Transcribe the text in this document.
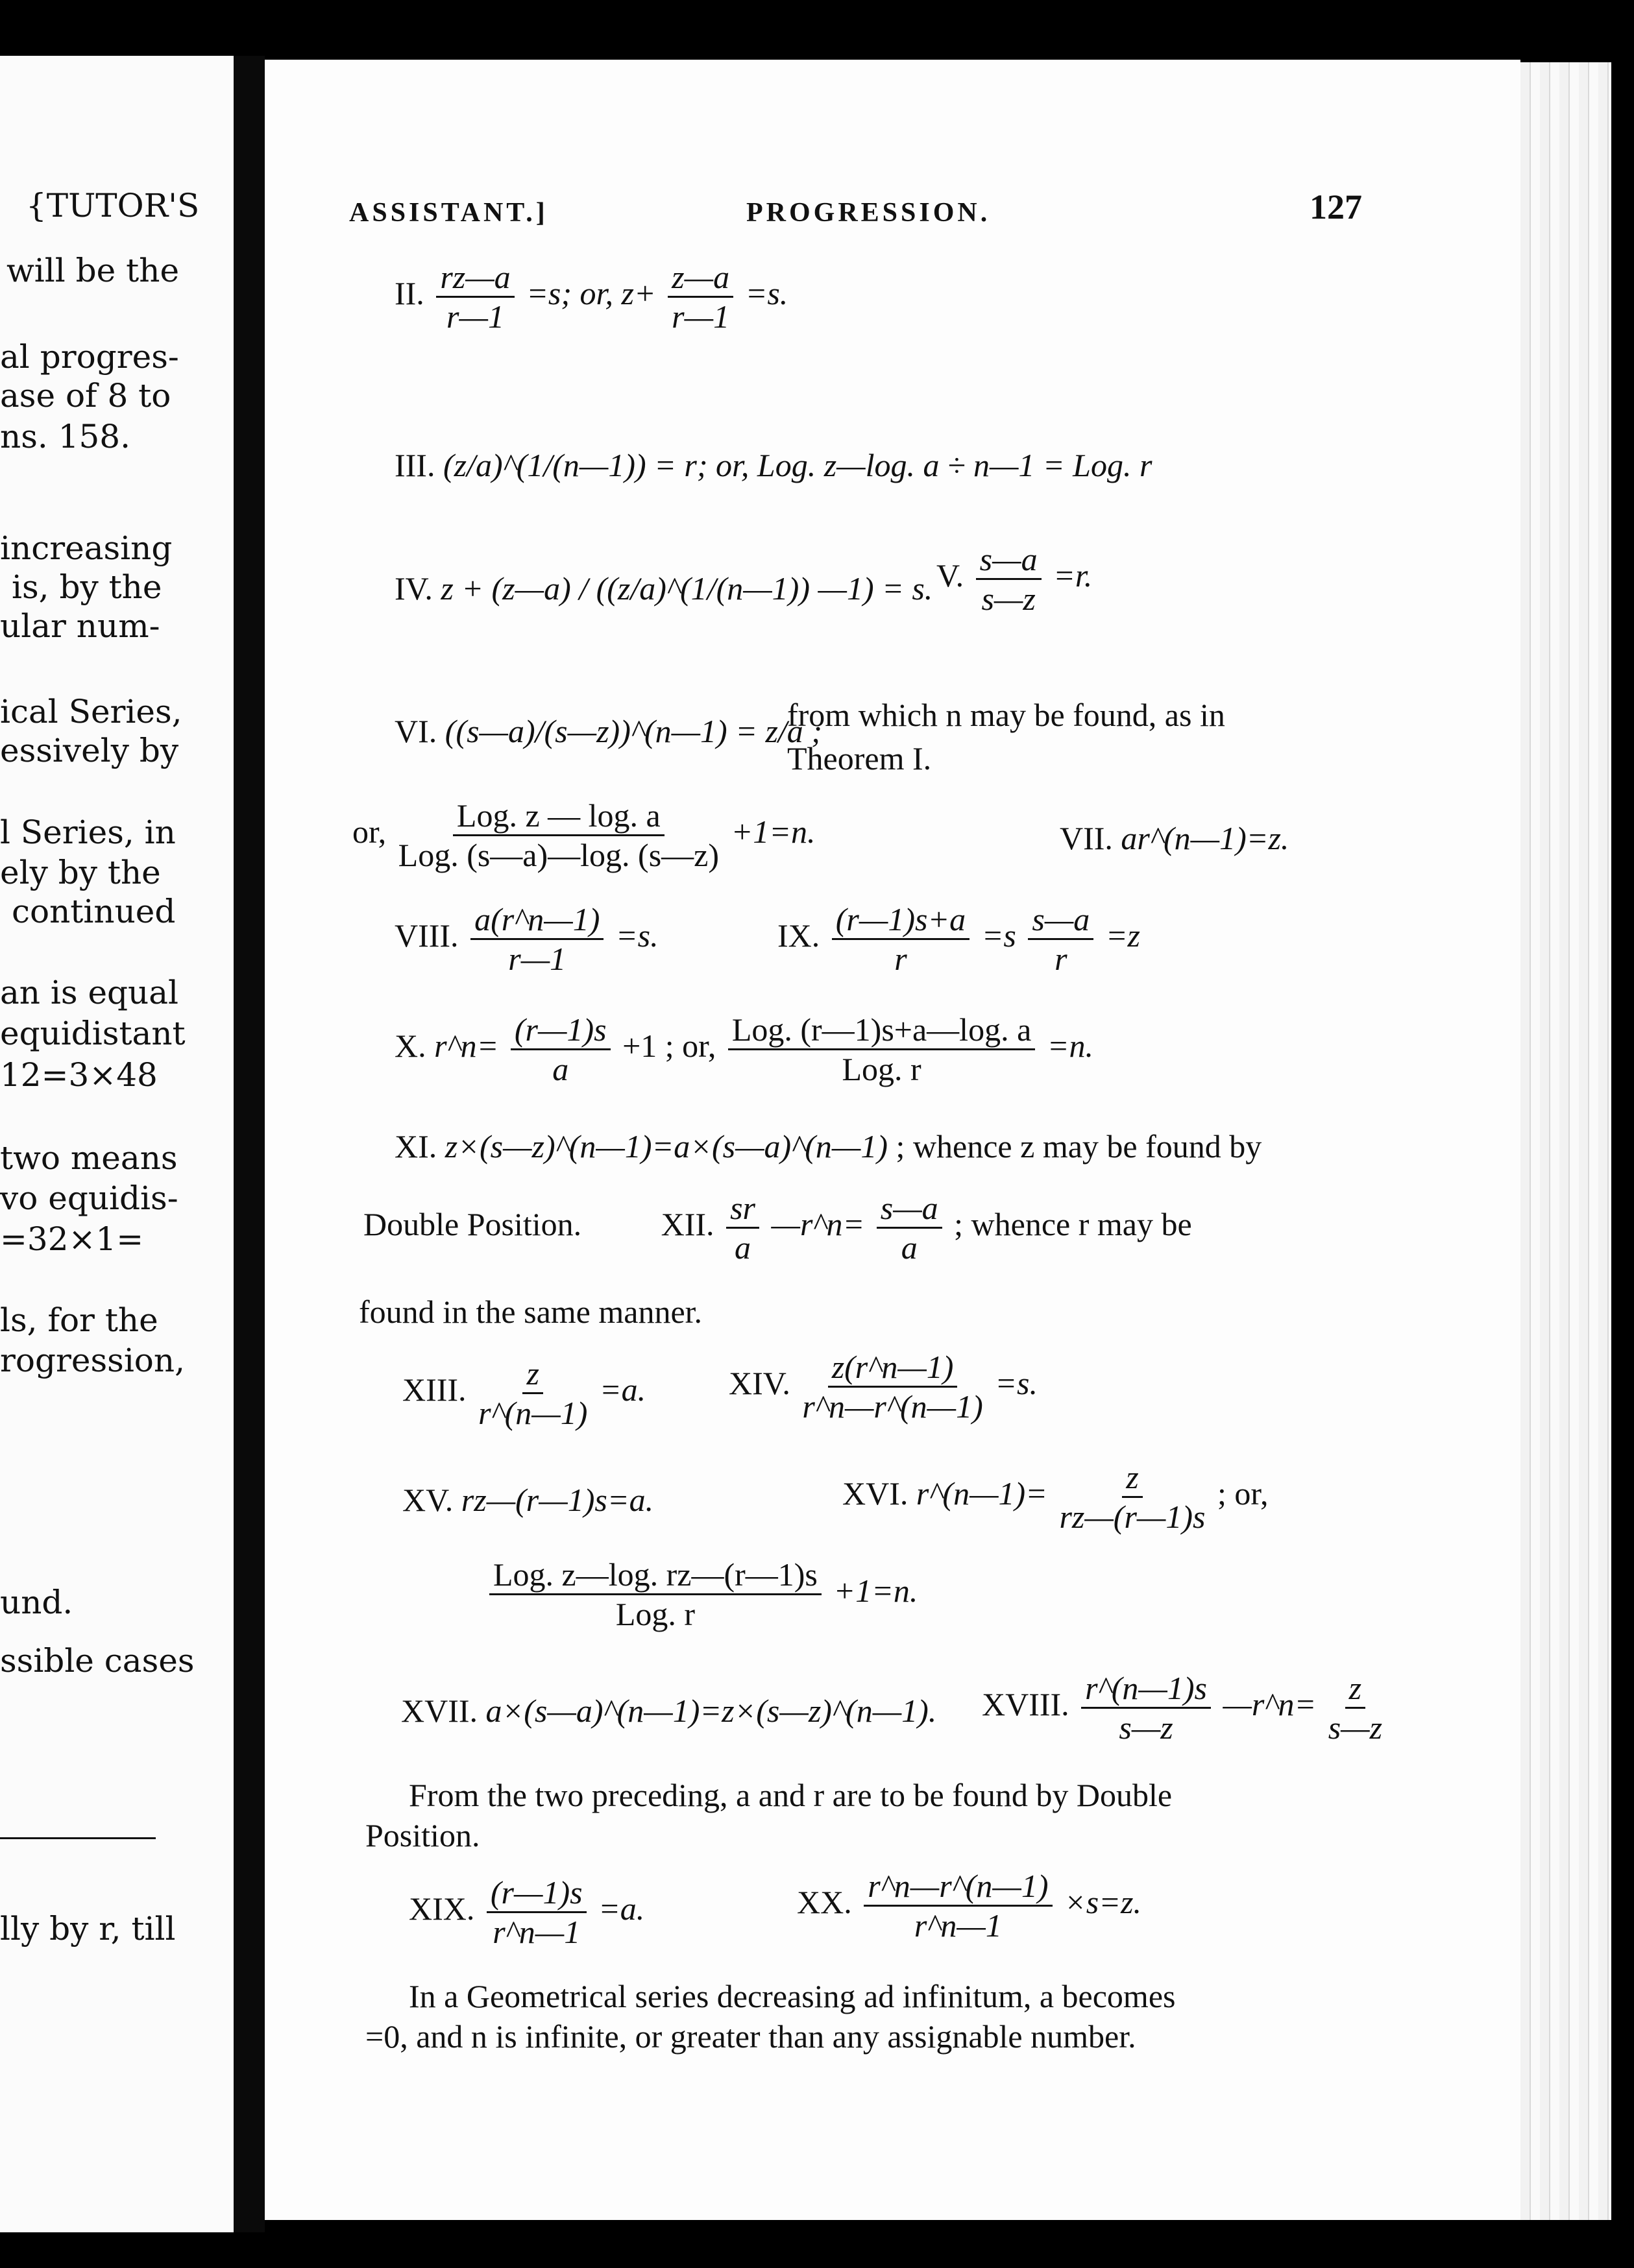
{TUTOR'S
will be the
al progres-
ase of 8 to
ns. 158.
increasing
is, by the
ular num-
ical Series,
essively by
l Series, in
ely by the
continued
an is equal
equidistant
12=3×48
two means
vo equidis-
=32×1=
ls, for the
rogression,
und.
ssible cases
lly by r, till
ASSISTANT.]	PROGRESSION.	127
II. $\frac{rz—a}{r—1} =s$; or, $z+ \frac{z—a}{r—1} =s$.
III. (z/a)^(1/(n—1)) = r; or, Log. z—log. a ÷ n—1 = Log. r
IV. z + (z—a) / ((z/a)^(1/(n—1)) —1) = s. V. $\frac{s—a}{s—z} =r$.
VI. ((s—a)/(s—z))^(n—1) = z/a ;
from which n may be found, as in
Theorem I.
or, $\frac{\text{Log. z — log. a}}{\text{Log. (s—a)—log. (s—z)}} +1=n$.	VII. ar^(n—1)=z.
VIII. $\frac{a(r\^{}n—1)}{r—1} =s$.	IX. $\frac{(r—1)s+a}{r} =s \frac{s—a}{r} =z$
X. r^n= $\frac{(r—1)s}{a} +1$ ; or, $\frac{\text{Log. (r—1)s+a—log. a}}{\text{Log. r}} =n$.
XI. z×(s—z)^(n—1)=a×(s—a)^(n—1) ; whence z may be found by
Double Position. XII. $\frac{sr}{a}$ —r^n= $\frac{s—a}{a}$ ; whence r may be
found in the same manner.
XIII. $\frac{z}{r\^{}(n—1)} =a$.	XIV. $\frac{z(r\^{}n—1)}{r\^{}n—r\^{}(n—1)} =s$.
XV. rz—(r—1)s=a.	XVI. r^(n—1)= $\frac{z}{rz—(r—1)s}$ ; or,
$\frac{\text{Log. z—log. rz—(r—1)s}}{\text{Log. r}} +1=n$.
XVII. a×(s—a)^(n—1)=z×(s—z)^(n—1). XVIII. $\frac{r\^{}(n—1)s}{s—z}$ —r^n= $\frac{z}{s—z}$
From the two preceding, a and r are to be found by Double
Position.
XIX. $\frac{(r—1)s}{r\^{}n—1} =a$.	XX. $\frac{r\^{}n—r\^{}(n—1)}{r\^{}n—1} \times s=z$.
In a Geometrical series decreasing ad infinitum, a becomes
=0, and n is infinite, or greater than any assignable number.
